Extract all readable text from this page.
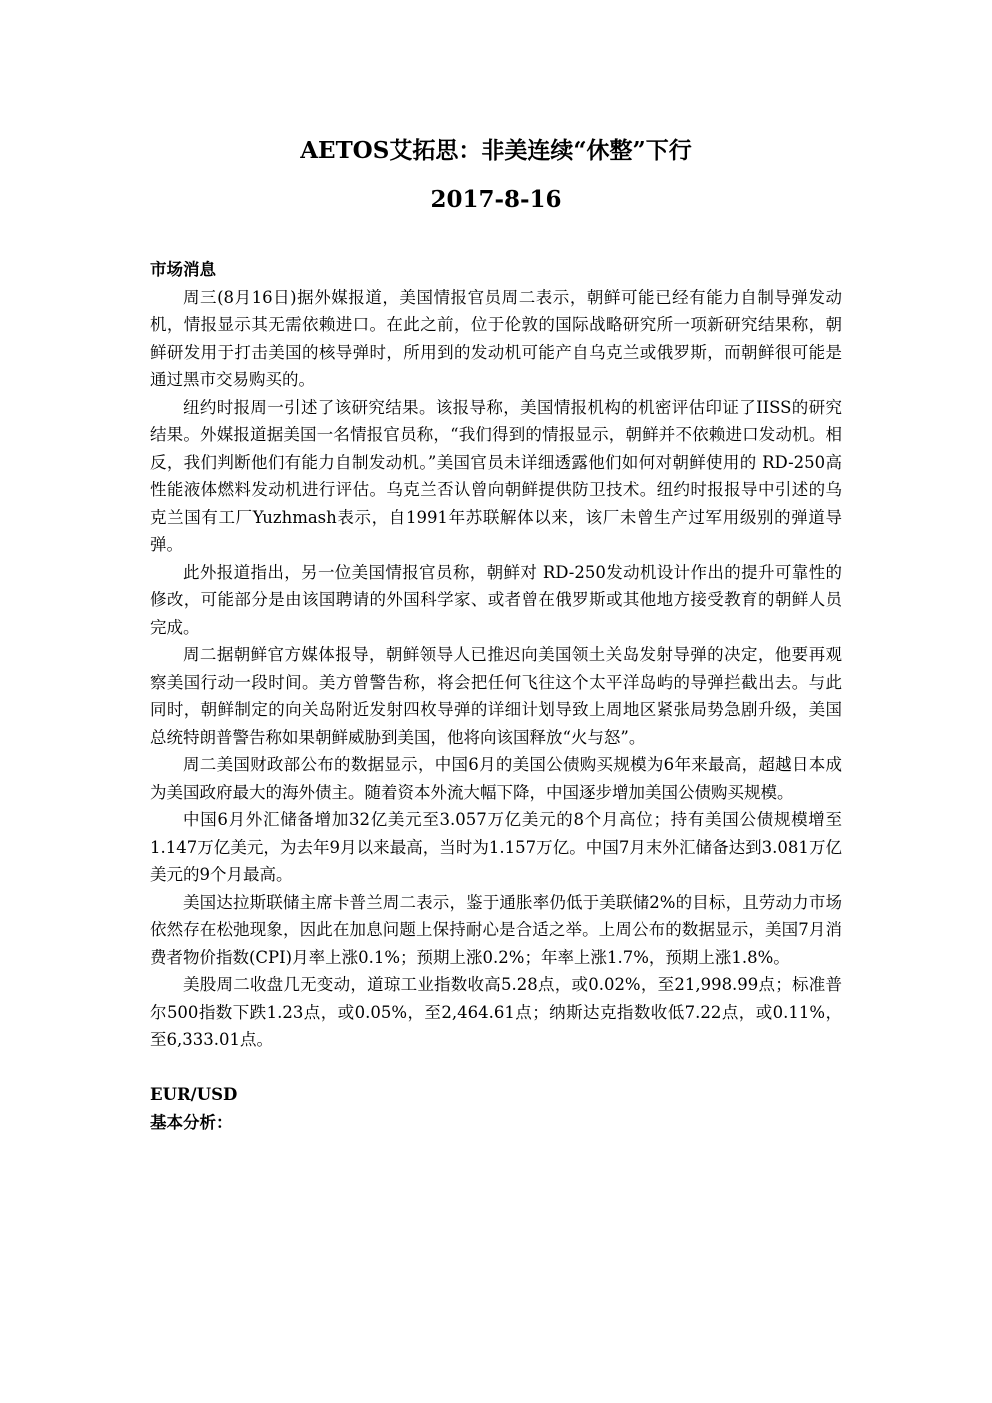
AETOS艾拓思：非美连续“休整”下行
2017-8-16

市场消息

周三(8月16日)据外媒报道，美国情报官员周二表示，朝鲜可能已经有能力自制导弹发动机，情报显示其无需依赖进口。在此之前，位于伦敦的国际战略研究所一项新研究结果称，朝鲜研发用于打击美国的核导弹时，所用到的发动机可能产自乌克兰或俄罗斯，而朝鲜很可能是通过黑市交易购买的。

纽约时报周一引述了该研究结果。该报导称，美国情报机构的机密评估印证了IISS的研究结果。外媒报道据美国一名情报官员称，“我们得到的情报显示，朝鲜并不依赖进口发动机。相反，我们判断他们有能力自制发动机。”美国官员未详细透露他们如何对朝鲜使用的 RD-250高性能液体燃料发动机进行评估。乌克兰否认曾向朝鲜提供防卫技术。纽约时报报导中引述的乌克兰国有工厂Yuzhmash表示，自1991年苏联解体以来，该厂未曾生产过军用级别的弹道导弹。

此外报道指出，另一位美国情报官员称，朝鲜对 RD-250发动机设计作出的提升可靠性的修改，可能部分是由该国聘请的外国科学家、或者曾在俄罗斯或其他地方接受教育的朝鲜人员完成。

周二据朝鲜官方媒体报导，朝鲜领导人已推迟向美国领土关岛发射导弹的决定，他要再观察美国行动一段时间。美方曾警告称，将会把任何飞往这个太平洋岛屿的导弹拦截出去。与此同时，朝鲜制定的向关岛附近发射四枚导弹的详细计划导致上周地区紧张局势急剧升级，美国总统特朗普警告称如果朝鲜威胁到美国，他将向该国释放“火与怒”。

周二美国财政部公布的数据显示，中国6月的美国公债购买规模为6年来最高，超越日本成为美国政府最大的海外债主。随着资本外流大幅下降，中国逐步增加美国公债购买规模。

中国6月外汇储备增加32亿美元至3.057万亿美元的8个月高位；持有美国公债规模增至1.147万亿美元，为去年9月以来最高，当时为1.157万亿。中国7月末外汇储备达到3.081万亿美元的9个月最高。

美国达拉斯联储主席卡普兰周二表示，鉴于通胀率仍低于美联储2%的目标，且劳动力市场依然存在松弛现象，因此在加息问题上保持耐心是合适之举。上周公布的数据显示，美国7月消费者物价指数(CPI)月率上涨0.1%；预期上涨0.2%；年率上涨1.7%，预期上涨1.8%。

美股周二收盘几无变动，道琼工业指数收高5.28点，或0.02%，至21,998.99点；标准普尔500指数下跌1.23点，或0.05%，至2,464.61点；纳斯达克指数收低7.22点，或0.11%，至6,333.01点。

EUR/USD

基本分析：
